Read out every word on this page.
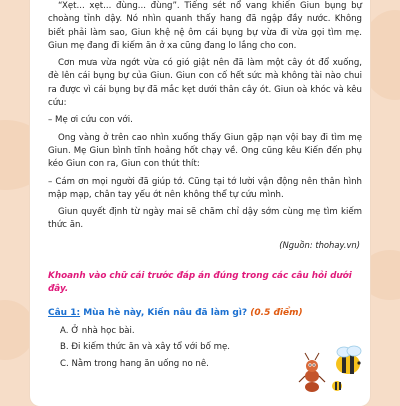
“Xẹt... xẹt... đùng... đùng”. Tiếng sét nổ vang khiến Giun bụng bự choàng tỉnh dậy. Nó nhìn quanh thấy hang đã ngập đầy nước. Không biết phải làm sao, Giun khệ nệ ôm cái bụng bự vừa đi vừa gọi tìm mẹ. Giun mẹ đang đi kiếm ăn ở xa cũng đang lo lắng cho con.

Cơn mưa vừa ngớt vừa có gió giật nên đã làm một cây ót đổ xuống, đè lên cái bụng bự của Giun. Giun con cố hết sức mà không tài nào chui ra được vì cái bụng bự đã mắc kẹt dưới thân cây ót. Giun oà khóc và kêu cứu:

– Mẹ ơi cứu con với.

Ong vàng ở trên cao nhìn xuống thấy Giun gặp nạn vội bay đi tìm mẹ Giun. Mẹ Giun bình tĩnh hoảng hốt chạy về. Ong cũng kêu Kiến đến phụ kéo Giun con ra, Giun con thút thít:

– Cám ơn mọi người đã giúp tớ. Cũng tại tớ lười vận động nên thân hình mập mạp, chân tay yếu ớt nên không thể tự cứu mình.

Giun quyết định từ ngày mai sẽ chăm chỉ dậy sớm cùng mẹ tìm kiếm thức ăn.

(Nguồn: thohay.vn)
Khoanh vào chữ cái trước đáp án đúng trong các câu hỏi dưới đây.
Câu 1: Mùa hè này, Kiến nâu đã làm gì? (0.5 điểm)
A. Ở nhà học bài.
B. Đi kiếm thức ăn và xây tổ với bố mẹ.
C. Nằm trong hang ăn uống no nê.
